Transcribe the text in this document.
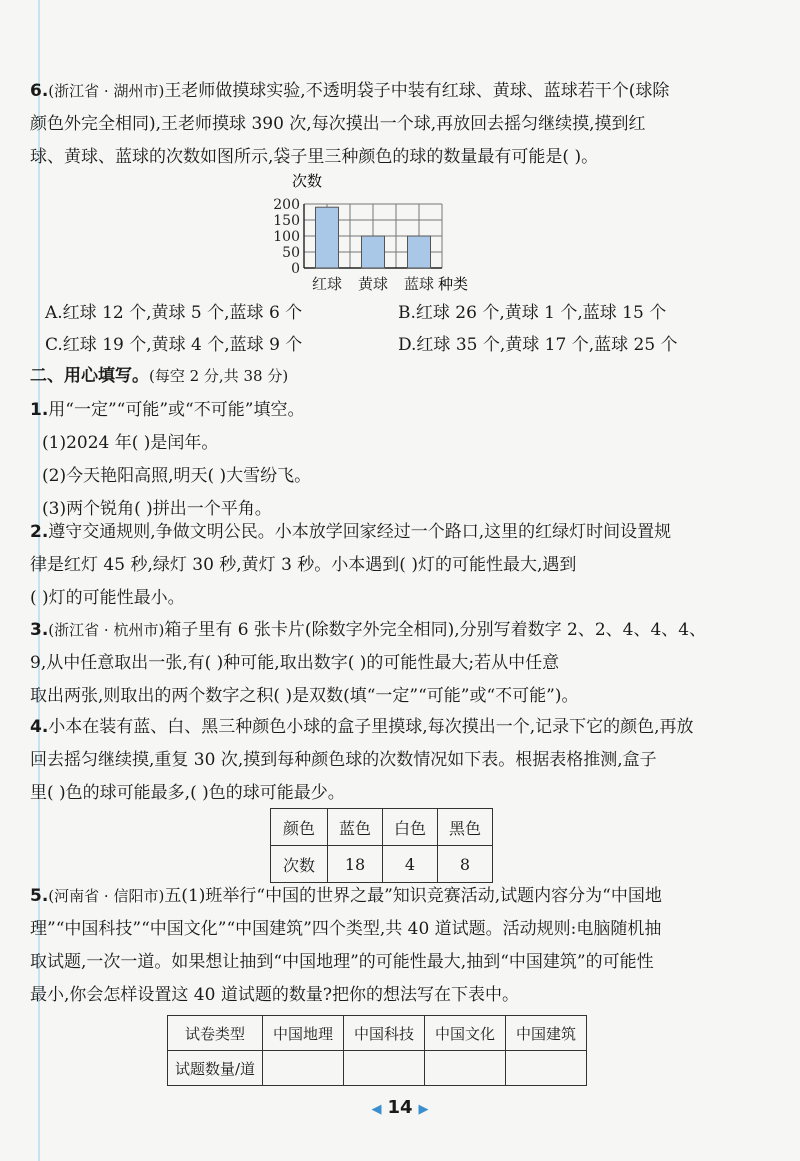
6.(浙江省 · 湖州市)王老师做摸球实验,不透明袋子中装有红球、黄球、蓝球若干个(球除
颜色外完全相同),王老师摸球 390 次,每次摸出一个球,再放回去摇匀继续摸,摸到红
球、黄球、蓝球的次数如图所示,袋子里三种颜色的球的数量最有可能是( )。
次数
200
150
100
50
0
红球 黄球 蓝球 种类
A.红球 12 个,黄球 5 个,蓝球 6 个	B.红球 26 个,黄球 1 个,蓝球 15 个
C.红球 19 个,黄球 4 个,蓝球 9 个	D.红球 35 个,黄球 17 个,蓝球 25 个
二、用心填写。(每空 2 分,共 38 分)
1.用“一定”“可能”或“不可能”填空。
(1)2024 年( )是闰年。
(2)今天艳阳高照,明天( )大雪纷飞。
(3)两个锐角( )拼出一个平角。
2.遵守交通规则,争做文明公民。小本放学回家经过一个路口,这里的红绿灯时间设置规
律是红灯 45 秒,绿灯 30 秒,黄灯 3 秒。小本遇到( )灯的可能性最大,遇到
( )灯的可能性最小。
3.(浙江省 · 杭州市)箱子里有 6 张卡片(除数字外完全相同),分别写着数字 2、2、4、4、4、
9,从中任意取出一张,有( )种可能,取出数字( )的可能性最大;若从中任意
取出两张,则取出的两个数字之积( )是双数(填“一定”“可能”或“不可能”)。
4.小本在装有蓝、白、黑三种颜色小球的盒子里摸球,每次摸出一个,记录下它的颜色,再放
回去摇匀继续摸,重复 30 次,摸到每种颜色球的次数情况如下表。根据表格推测,盒子
里( )色的球可能最多,( )色的球可能最少。
颜色	蓝色	白色	黑色
次数	18	4	8
5.(河南省 · 信阳市)五(1)班举行“中国的世界之最”知识竞赛活动,试题内容分为“中国地
理”“中国科技”“中国文化”“中国建筑”四个类型,共 40 道试题。活动规则:电脑随机抽
取试题,一次一道。如果想让抽到“中国地理”的可能性最大,抽到“中国建筑”的可能性
最小,你会怎样设置这 40 道试题的数量?把你的想法写在下表中。
试卷类型	中国地理	中国科技	中国文化	中国建筑
试题数量/道				
◀ 14 ▶
